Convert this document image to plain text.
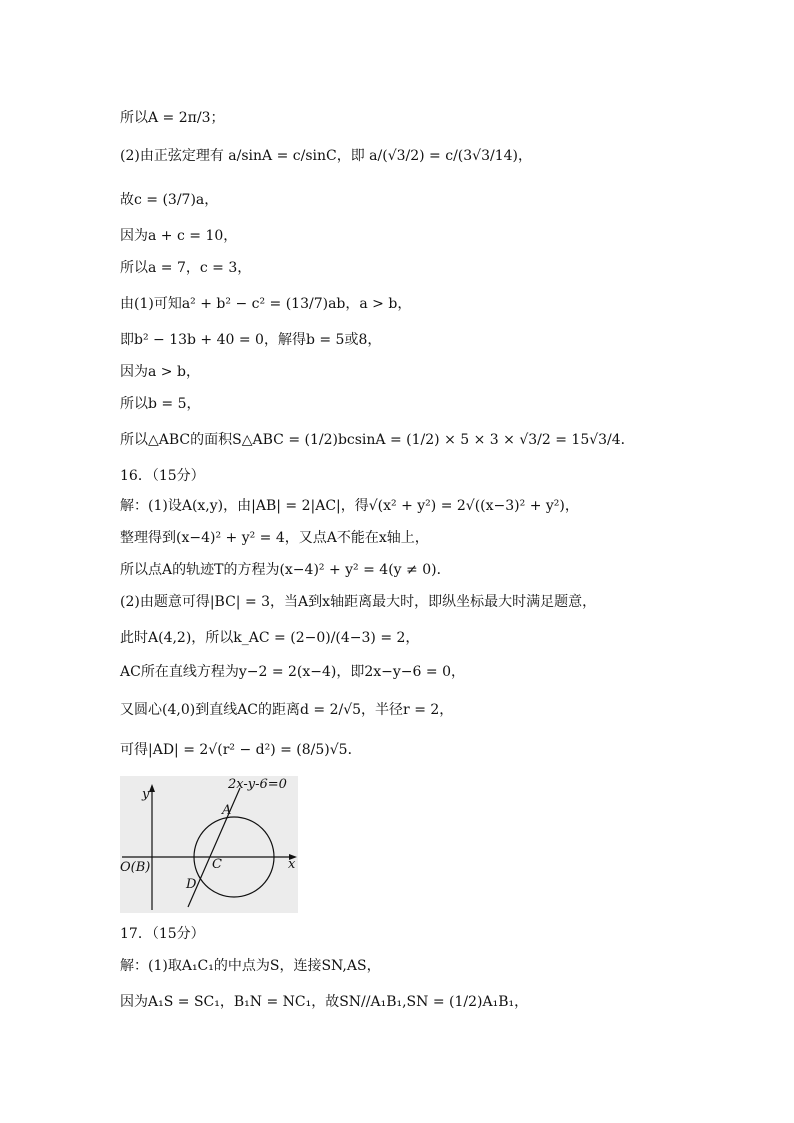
所以A = 2π/3；
(2)由正弦定理有 a/sinA = c/sinC，即 a/(√3/2) = c/(3√3/14)，
故c = (3/7)a，
因为a + c = 10，
所以a = 7，c = 3，
由(1)可知a² + b² − c² = (13/7)ab，a > b，
即b² − 13b + 40 = 0，解得b = 5或8，
因为a > b，
所以b = 5，
所以△ABC的面积S△ABC = (1/2)bcsinA = (1/2) × 5 × 3 × √3/2 = 15√3/4．
16．（15分）
解：(1)设A(x,y)，由|AB| = 2|AC|，得√(x² + y²) = 2√((x−3)² + y²)，
整理得到(x−4)² + y² = 4，又点A不能在x轴上，
所以点A的轨迹T的方程为(x−4)² + y² = 4(y ≠ 0)．
(2)由题意可得|BC| = 3，当A到x轴距离最大时，即纵坐标最大时满足题意，
此时A(4,2)，所以k_AC = (2−0)/(4−3) = 2，
AC所在直线方程为y−2 = 2(x−4)，即2x−y−6 = 0，
又圆心(4,0)到直线AC的距离d = 2/√5，半径r = 2，
可得|AD| = 2√(r² − d²) = (8/5)√5．
2x-y-6=0
y
x
O(B)
A
C
D
17．（15分）
解：(1)取A₁C₁的中点为S，连接SN,AS，
因为A₁S = SC₁，B₁N = NC₁，故SN//A₁B₁,SN = (1/2)A₁B₁，
